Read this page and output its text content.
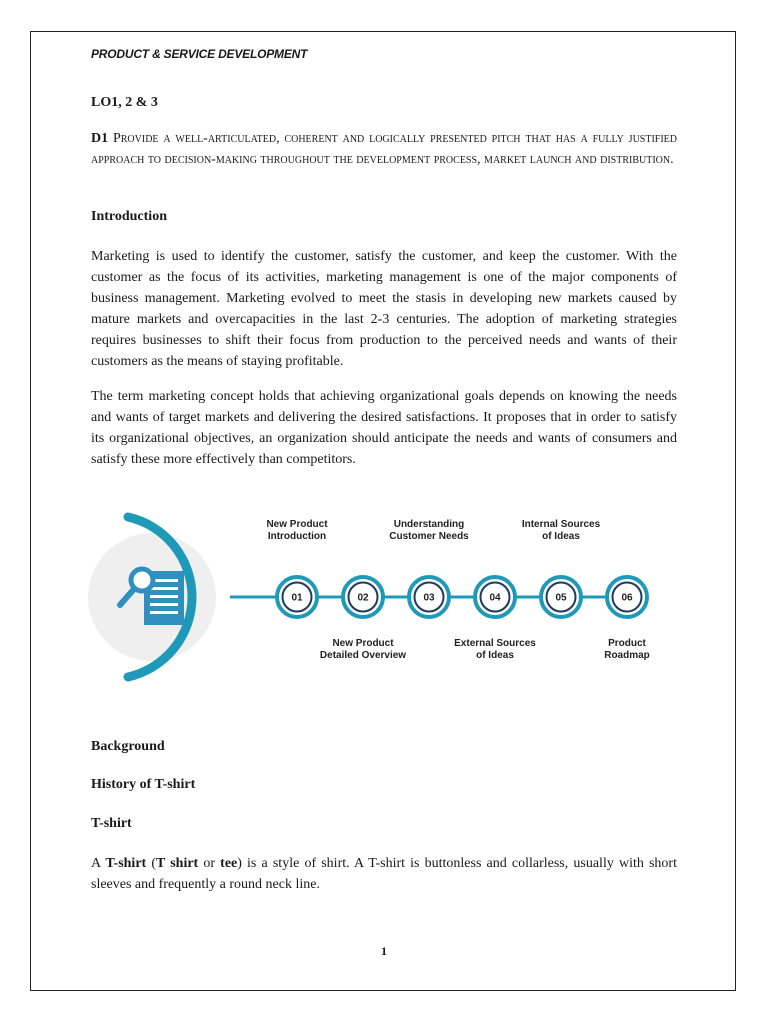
PRODUCT & SERVICE DEVELOPMENT
LO1, 2 & 3
D1 Provide a well-articulated, coherent and logically presented pitch that has a fully justified approach to decision-making throughout the development process, market launch and distribution.
Introduction
Marketing is used to identify the customer, satisfy the customer, and keep the customer. With the customer as the focus of its activities, marketing management is one of the major components of business management. Marketing evolved to meet the stasis in developing new markets caused by mature markets and overcapacities in the last 2-3 centuries. The adoption of marketing strategies requires businesses to shift their focus from production to the perceived needs and wants of their customers as the means of staying profitable.
The term marketing concept holds that achieving organizational goals depends on knowing the needs and wants of target markets and delivering the desired satisfactions. It proposes that in order to satisfy its organizational objectives, an organization should anticipate the needs and wants of consumers and satisfy these more effectively than competitors.
01
New Product
Introduction
02
New Product
Detailed Overview
03
Understanding
Customer Needs
04
External Sources
of Ideas
05
Internal Sources
of Ideas
06
Product
Roadmap
Background
History of T-shirt
T-shirt
A T-shirt (T shirt or tee) is a style of shirt. A T-shirt is buttonless and collarless, usually with short sleeves and frequently a round neck line.
1
